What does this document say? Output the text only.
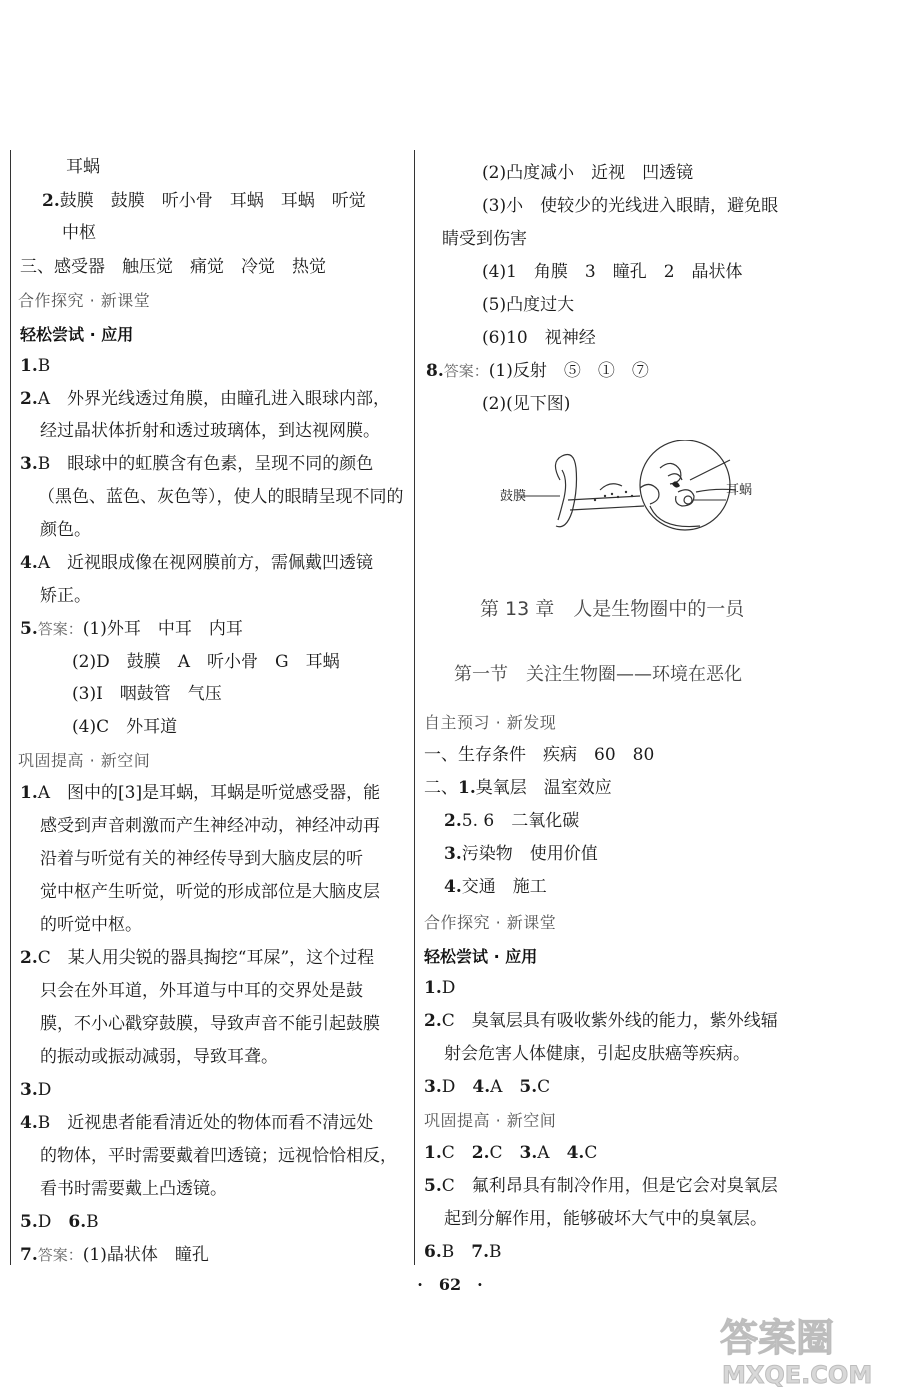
耳蜗
2.鼓膜　鼓膜　听小骨　耳蜗　耳蜗　听觉
中枢
三、感受器　触压觉　痛觉　冷觉　热觉
合作探究 · 新课堂
轻松尝试 · 应用
1.B
2.A　外界光线透过角膜，由瞳孔进入眼球内部，
经过晶状体折射和透过玻璃体，到达视网膜。
3.B　眼球中的虹膜含有色素，呈现不同的颜色
（黑色、蓝色、灰色等），使人的眼睛呈现不同的
颜色。
4.A　近视眼成像在视网膜前方，需佩戴凹透镜
矫正。
5.答案：(1)外耳　中耳　内耳
(2)D　鼓膜　A　听小骨　G　耳蜗
(3)I　咽鼓管　气压
(4)C　外耳道
巩固提高 · 新空间
1.A　图中的[3]是耳蜗，耳蜗是听觉感受器，能
感受到声音刺激而产生神经冲动，神经冲动再
沿着与听觉有关的神经传导到大脑皮层的听
觉中枢产生听觉，听觉的形成部位是大脑皮层
的听觉中枢。
2.C　某人用尖锐的器具掏挖“耳屎”，这个过程
只会在外耳道，外耳道与中耳的交界处是鼓
膜，不小心戳穿鼓膜，导致声音不能引起鼓膜
的振动或振动减弱，导致耳聋。
3.D
4.B　近视患者能看清近处的物体而看不清远处
的物体，平时需要戴着凹透镜；远视恰恰相反，
看书时需要戴上凸透镜。
5.D　 6.B
7.答案：(1)晶状体　瞳孔
(2)凸度减小　近视　凹透镜
(3)小　使较少的光线进入眼睛，避免眼
睛受到伤害
(4)1　角膜　3　瞳孔　2　晶状体
(5)凸度过大
(6)10　视神经
8.答案：(1)反射　⑤　①　⑦
(2)(见下图)
鼓膜	耳蜗
第 13 章　人是生物圈中的一员
第一节　关注生物圈——环境在恶化
自主预习 · 新发现
一、生存条件　疾病　60　80
二、1.臭氧层　温室效应
2.5. 6　二氧化碳
3.污染物　使用价值
4.交通　施工
合作探究 · 新课堂
轻松尝试 · 应用
1.D
2.C　臭氧层具有吸收紫外线的能力，紫外线辐
射会危害人体健康，引起皮肤癌等疾病。
3.D　 4.A　 5.C
巩固提高 · 新空间
1.C　 2.C　 3.A　 4.C
5.C　氟利昂具有制冷作用，但是它会对臭氧层
起到分解作用，能够破坏大气中的臭氧层。
6.B　 7.B
· 62 ·
答案圈
MXQE.COM
